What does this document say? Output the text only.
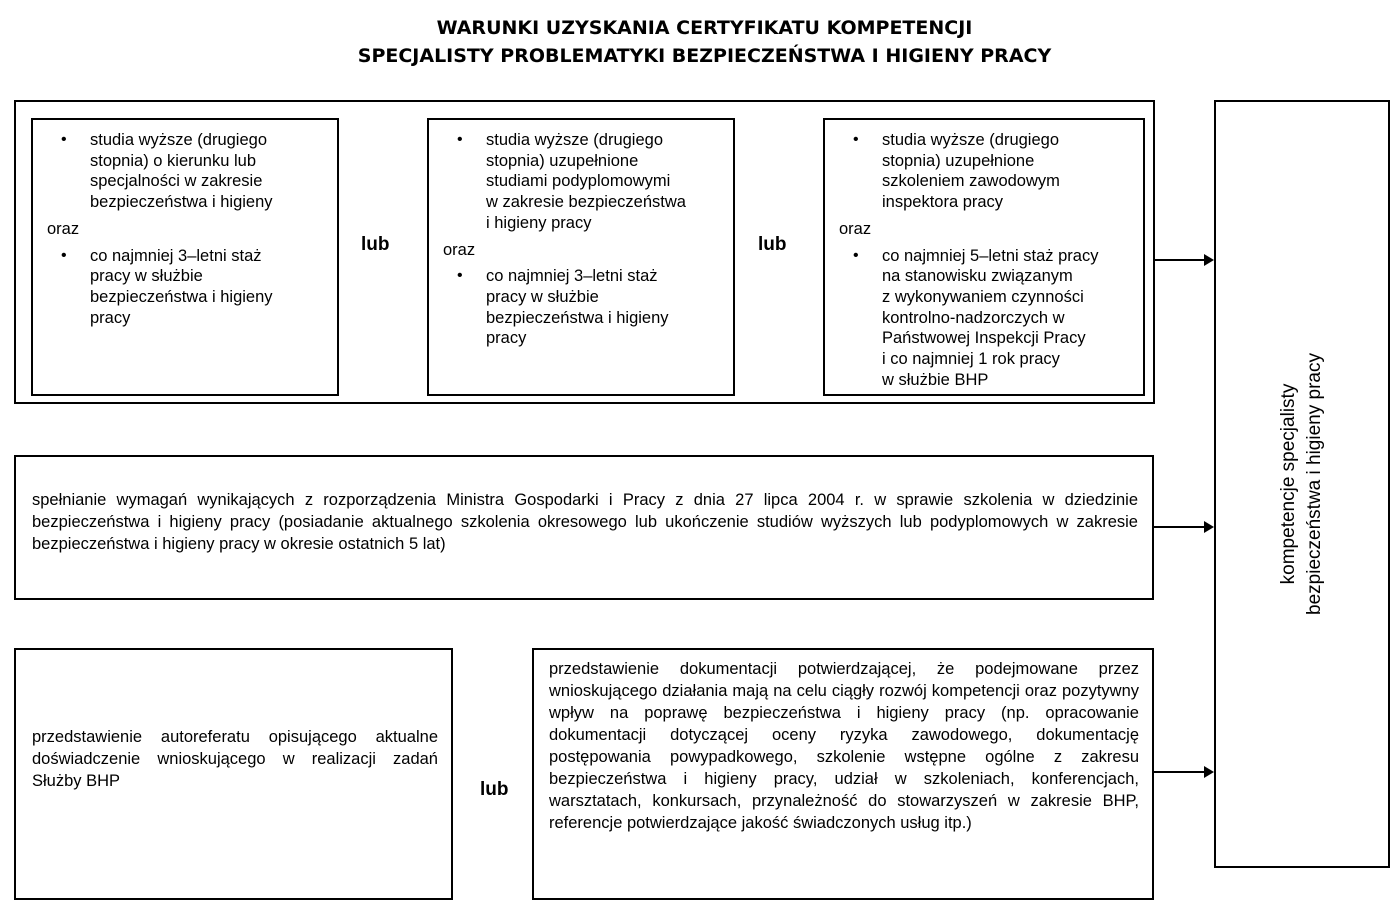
WARUNKI UZYSKANIA CERTYFIKATU KOMPETENCJI
SPECJALISTY PROBLEMATYKI BEZPIECZEŃSTWA I HIGIENY PRACY
• studia wyższe (drugiego
stopnia) o kierunku lub
specjalności w zakresie
bezpieczeństwa i higieny
oraz
• co najmniej 3–letni staż
pracy w służbie
bezpieczeństwa i higieny
pracy
lub
• studia wyższe (drugiego
stopnia) uzupełnione
studiami podyplomowymi
w zakresie bezpieczeństwa
i higieny pracy
oraz
• co najmniej 3–letni staż
pracy w służbie
bezpieczeństwa i higieny
pracy
lub
• studia wyższe (drugiego
stopnia) uzupełnione
szkoleniem zawodowym
inspektora pracy
oraz
• co najmniej 5–letni staż pracy
na stanowisku związanym
z wykonywaniem czynności
kontrolno-nadzorczych w
Państwowej Inspekcji Pracy
i co najmniej 1 rok pracy
w służbie BHP
spełnianie wymagań wynikających z rozporządzenia Ministra Gospodarki i Pracy z dnia 27 lipca 2004 r. w sprawie szkolenia w dziedzinie bezpieczeństwa i higieny pracy (posiadanie aktualnego szkolenia okresowego lub ukończenie studiów wyższych lub podyplomowych w zakresie bezpieczeństwa i higieny pracy w okresie ostatnich 5 lat)
przedstawienie autoreferatu opisującego aktualne doświadczenie wnioskującego w realizacji zadań Służby BHP	lub
przedstawienie dokumentacji potwierdzającej, że podejmowane przez wnioskującego działania mają na celu ciągły rozwój kompetencji oraz pozytywny wpływ na poprawę bezpieczeństwa i higieny pracy (np. opracowanie dokumentacji dotyczącej oceny ryzyka zawodowego, dokumentację postępowania powypadkowego, szkolenie wstępne ogólne z zakresu bezpieczeństwa i higieny pracy, udział w szkoleniach, konferencjach, warsztatach, konkursach, przynależność do stowarzyszeń w zakresie BHP, referencje potwierdzające jakość świadczonych usług itp.)
kompetencje specjalisty bezpieczeństwa i higieny pracy
